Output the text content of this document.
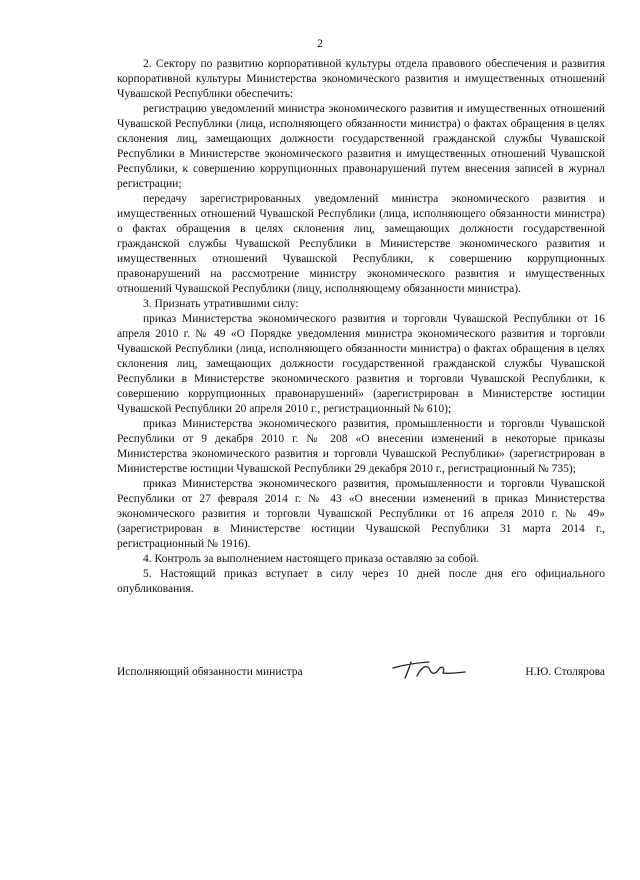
2

2. Сектору по развитию корпоративной культуры отдела правового обеспечения и развития корпоративной культуры Министерства экономического развития и имущественных отношений Чувашской Республики обеспечить:

регистрацию уведомлений министра экономического развития и имущественных отношений Чувашской Республики (лица, исполняющего обязанности министра) о фактах обращения в целях склонения лиц, замещающих должности государственной гражданской службы Чувашской Республики в Министерстве экономического развития и имущественных отношений Чувашской Республики, к совершению коррупционных правонарушений путем внесения записей в журнал регистрации;

передачу зарегистрированных уведомлений министра экономического развития и имущественных отношений Чувашской Республики (лица, исполняющего обязанности министра) о фактах обращения в целях склонения лиц, замещающих должности государственной гражданской службы Чувашской Республики в Министерстве экономического развития и имущественных отношений Чувашской Республики, к совершению коррупционных правонарушений на рассмотрение министру экономического развития и имущественных отношений Чувашской Республики (лицу, исполняющему обязанности министра).

3. Признать утратившими силу:

приказ Министерства экономического развития и торговли Чувашской Республики от 16 апреля 2010 г. № 49 «О Порядке уведомления министра экономического развития и торговли Чувашской Республики (лица, исполняющего обязанности министра) о фактах обращения в целях склонения лиц, замещающих должности государственной гражданской службы Чувашской Республики в Министерстве экономического развития и торговли Чувашской Республики, к совершению коррупционных правонарушений» (зарегистрирован в Министерстве юстиции Чувашской Республики 20 апреля 2010 г., регистрационный № 610);

приказ Министерства экономического развития, промышленности и торговли Чувашской Республики от 9 декабря 2010 г. № 208 «О внесении изменений в некоторые приказы Министерства экономического развития и торговли Чувашской Республики» (зарегистрирован в Министерстве юстиции Чувашской Республики 29 декабря 2010 г., регистрационный № 735);

приказ Министерства экономического развития, промышленности и торговли Чувашской Республики от 27 февраля 2014 г. № 43 «О внесении изменений в приказ Министерства экономического развития и торговли Чувашской Республики от 16 апреля 2010 г. № 49» (зарегистрирован в Министерстве юстиции Чувашской Республики 31 марта 2014 г., регистрационный № 1916).

4. Контроль за выполнением настоящего приказа оставляю за собой.

5. Настоящий приказ вступает в силу через 10 дней после дня его официального опубликования.

Исполняющий обязанности министра	Н.Ю. Столярова
